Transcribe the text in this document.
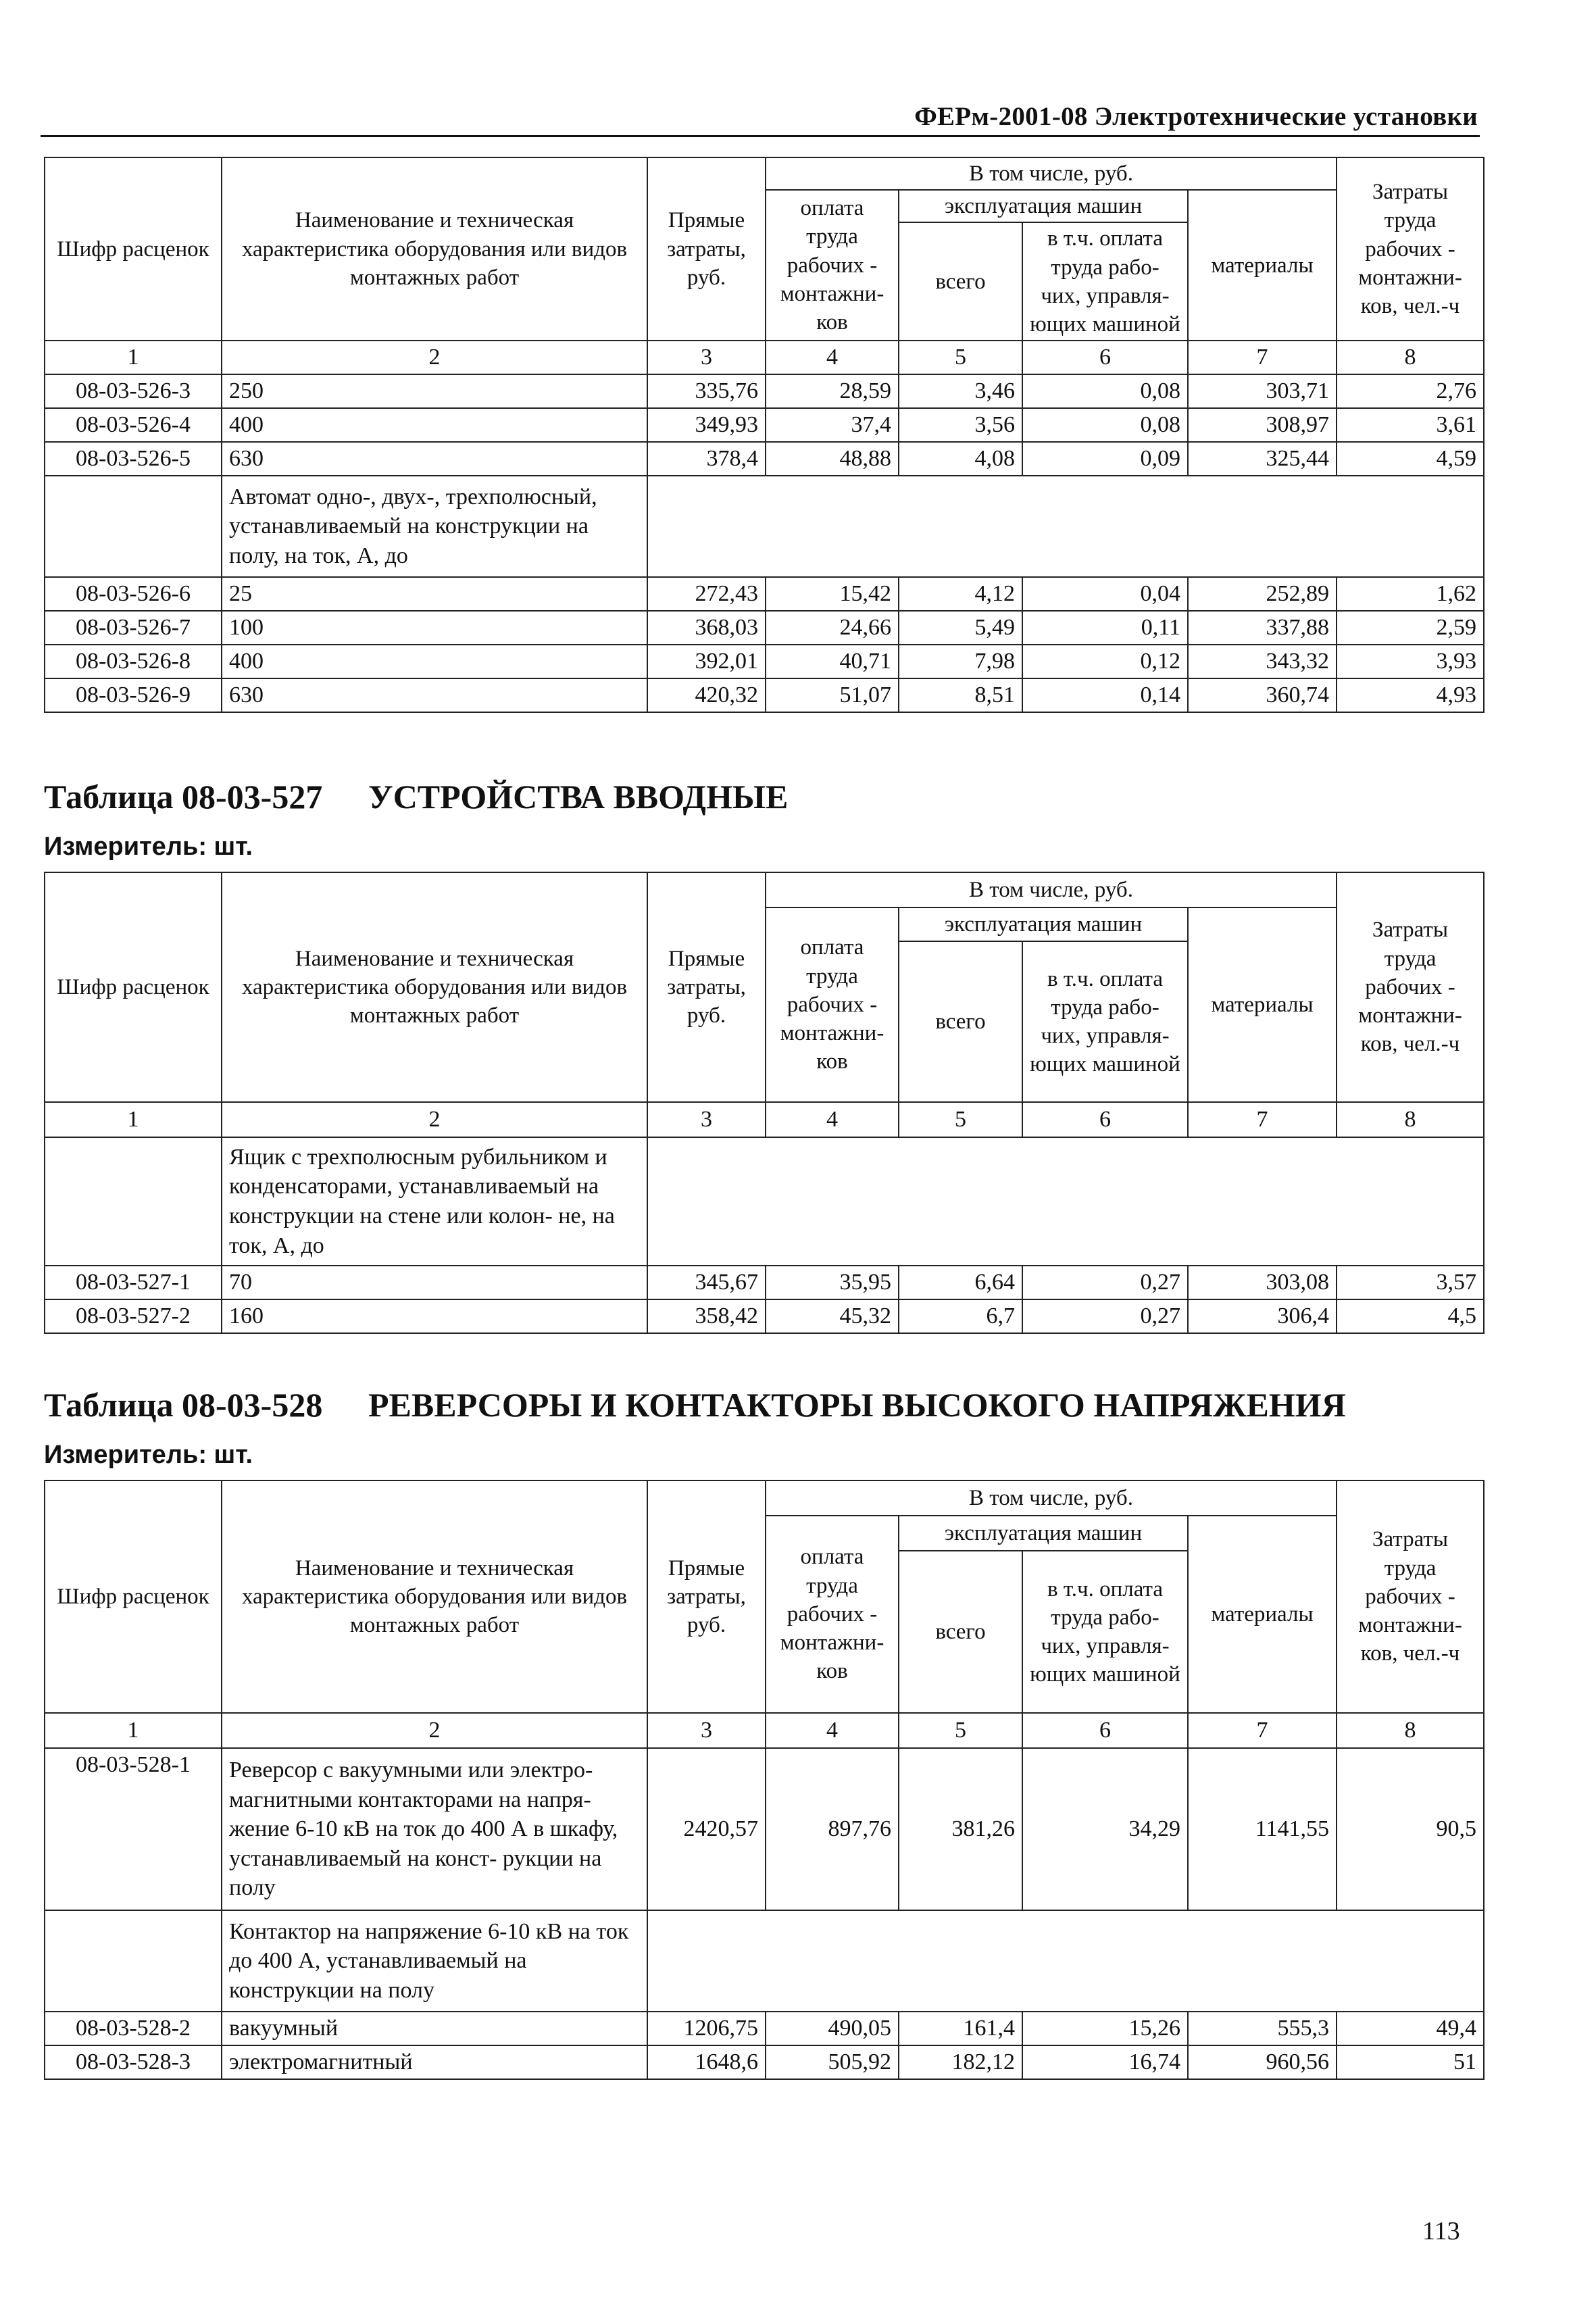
ФЕРм-2001-08 Электротехнические установки
Шифр расценок	Наименование и техническая характеристика оборудования или видов монтажных работ	Прямые затраты, руб.	В том числе, руб.				Затраты труда рабочих - монтажни- ков, чел.-ч
			оплата труда рабочих - монтажни- ков	эксплуатация машин		материалы	
				всего	в т.ч. оплата труда рабо- чих, управля- ющих машиной		

1	2	3	4	5	6	7	8
08-03-526-3	250	335,76	28,59	3,46	0,08	303,71	2,76
08-03-526-4	400	349,93	37,4	3,56	0,08	308,97	3,61
08-03-526-5	630	378,4	48,88	4,08	0,09	325,44	4,59
	Автомат одно-, двух-, трехполюсный, устанавливаемый на конструкции на полу, на ток, А, до						
08-03-526-6	25	272,43	15,42	4,12	0,04	252,89	1,62
08-03-526-7	100	368,03	24,66	5,49	0,11	337,88	2,59
08-03-526-8	400	392,01	40,71	7,98	0,12	343,32	3,93
08-03-526-9	630	420,32	51,07	8,51	0,14	360,74	4,93
Таблица 08-03-527 УСТРОЙСТВА ВВОДНЫЕ
Измеритель: шт.
Шифр расценок	Наименование и техническая характеристика оборудования или видов монтажных работ	Прямые затраты, руб.	В том числе, руб.				Затраты труда рабочих - монтажни- ков, чел.-ч
			оплата труда рабочих - монтажни- ков	эксплуатация машин		материалы	
				всего	в т.ч. оплата труда рабо- чих, управля- ющих машиной		

1	2	3	4	5	6	7	8
	Ящик с трехполюсным рубильником и конденсаторами, устанавливаемый на конструкции на стене или колон- не, на ток, А, до						
08-03-527-1	70	345,67	35,95	6,64	0,27	303,08	3,57
08-03-527-2	160	358,42	45,32	6,7	0,27	306,4	4,5
Таблица 08-03-528 РЕВЕРСОРЫ И КОНТАКТОРЫ ВЫСОКОГО НАПРЯЖЕНИЯ
Измеритель: шт.
Шифр расценок	Наименование и техническая характеристика оборудования или видов монтажных работ	Прямые затраты, руб.	В том числе, руб.				Затраты труда рабочих - монтажни- ков, чел.-ч
			оплата труда рабочих - монтажни- ков	эксплуатация машин		материалы	
				всего	в т.ч. оплата труда рабо- чих, управля- ющих машиной		

1	2	3	4	5	6	7	8
08-03-528-1	Реверсор с вакуумными или электро- магнитными контакторами на напря- жение 6-10 кВ на ток до 400 А в шкафу, устанавливаемый на конст- рукции на полу	2420,57	897,76	381,26	34,29	1141,55	90,5
	Контактор на напряжение 6-10 кВ на ток до 400 А, устанавливаемый на конструкции на полу						
08-03-528-2	вакуумный	1206,75	490,05	161,4	15,26	555,3	49,4
08-03-528-3	электромагнитный	1648,6	505,92	182,12	16,74	960,56	51
113
